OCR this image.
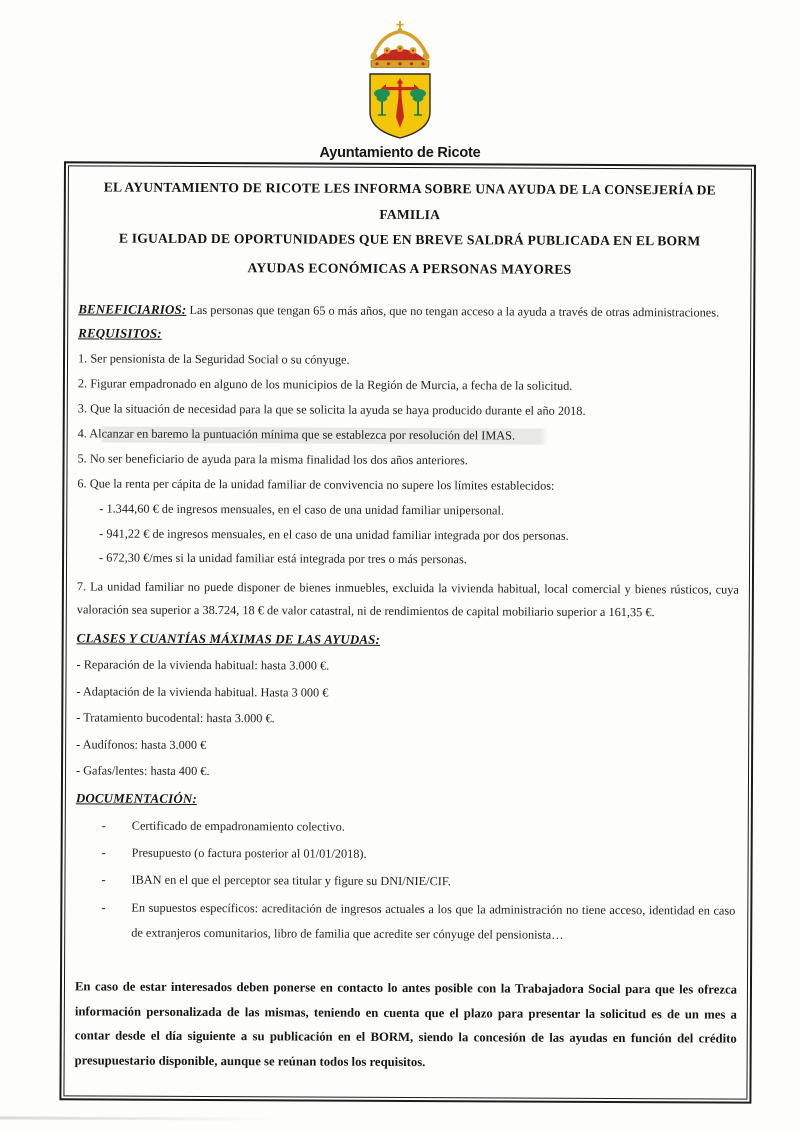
Ayuntamiento de Ricote
EL AYUNTAMIENTO DE RICOTE LES INFORMA SOBRE UNA AYUDA DE LA CONSEJERÍA DE FAMILIA
E IGUALDAD DE OPORTUNIDADES QUE EN BREVE SALDRÁ PUBLICADA EN EL BORM
AYUDAS ECONÓMICAS A PERSONAS MAYORES

BENEFICIARIOS: Las personas que tengan 65 o más años, que no tengan acceso a la ayuda a través de otras administraciones.

REQUISITOS:

1. Ser pensionista de la Seguridad Social o su cónyuge.

2. Figurar empadronado en alguno de los municipios de la Región de Murcia, a fecha de la solicitud.

3. Que la situación de necesidad para la que se solicita la ayuda se haya producido durante el año 2018.

4. Alcanzar en baremo la puntuación mínima que se establezca por resolución del IMAS.

5. No ser beneficiario de ayuda para la misma finalidad los dos años anteriores.

6. Que la renta per cápita de la unidad familiar de convivencia no supere los límites establecidos:

- 1.344,60 € de ingresos mensuales, en el caso de una unidad familiar unipersonal.

- 941,22 € de ingresos mensuales, en el caso de una unidad familiar integrada por dos personas.

- 672,30 €/mes si la unidad familiar está integrada por tres o más personas.

7. La unidad familiar no puede disponer de bienes inmuebles, excluida la vivienda habitual, local comercial y bienes rústicos, cuya valoración sea superior a 38.724, 18 € de valor catastral, ni de rendimientos de capital mobiliario superior a 161,35 €.

CLASES Y CUANTÍAS MÁXIMAS DE LAS AYUDAS:

- Reparación de la vivienda habitual: hasta 3.000 €.

- Adaptación de la vivienda habitual. Hasta 3 000 €

- Tratamiento bucodental: hasta 3.000 €.

- Audífonos: hasta 3.000 €

- Gafas/lentes: hasta 400 €.

DOCUMENTACIÓN:

-	Certificado de empadronamiento colectivo.
-	Presupuesto (o factura posterior al 01/01/2018).
-	IBAN en el que el perceptor sea titular y figure su DNI/NIE/CIF.
-	En supuestos específicos: acreditación de ingresos actuales a los que la administración no tiene acceso, identidad en caso de extranjeros comunitarios, libro de familia que acredite ser cónyuge del pensionista…

En caso de estar interesados deben ponerse en contacto lo antes posible con la Trabajadora Social para que les ofrezca información personalizada de las mismas, teniendo en cuenta que el plazo para presentar la solicitud es de un mes a contar desde el día siguiente a su publicación en el BORM, siendo la concesión de las ayudas en función del crédito presupuestario disponible, aunque se reúnan todos los requisitos.
